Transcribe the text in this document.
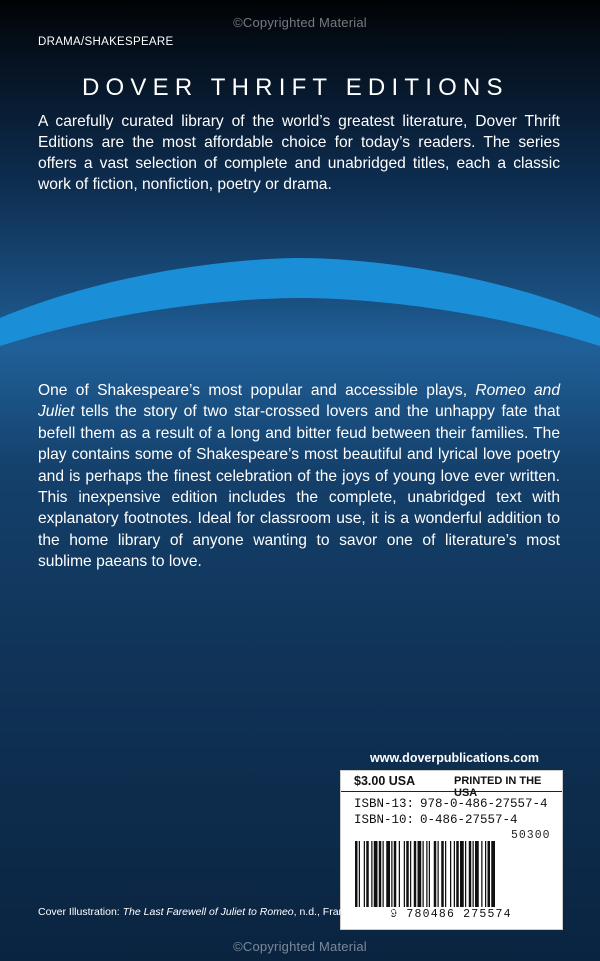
©Copyrighted Material
DRAMA/SHAKESPEARE
DOVER THRIFT EDITIONS

A carefully curated library of the world’s greatest literature, Dover Thrift Editions are the most affordable choice for today’s readers. The series offers a vast selection of complete and unabridged titles, each a classic work of fiction, nonfiction, poetry or drama.

One of Shakespeare’s most popular and accessible plays, Romeo and Juliet tells the story of two star-crossed lovers and the unhappy fate that befell them as a result of a long and bitter feud between their families. The play contains some of Shakespeare’s most beautiful and lyrical love poetry and is perhaps the finest celebration of the joys of young love ever written. This inexpensive edition includes the complete, unabridged text with explanatory footnotes. Ideal for classroom use, it is a wonderful addition to the home library of anyone wanting to savor one of literature’s most sublime paeans to love.

www.doverpublications.com
$3.00 USA	PRINTED IN THE USA
ISBN-13: 978-0-486-27557-4
ISBN-10: 0-486-27557-4
50300
9 780486 275574
Cover Illustration: The Last Farewell of Juliet to Romeo, n.d., Francesco Hayez.
©Copyrighted Material
